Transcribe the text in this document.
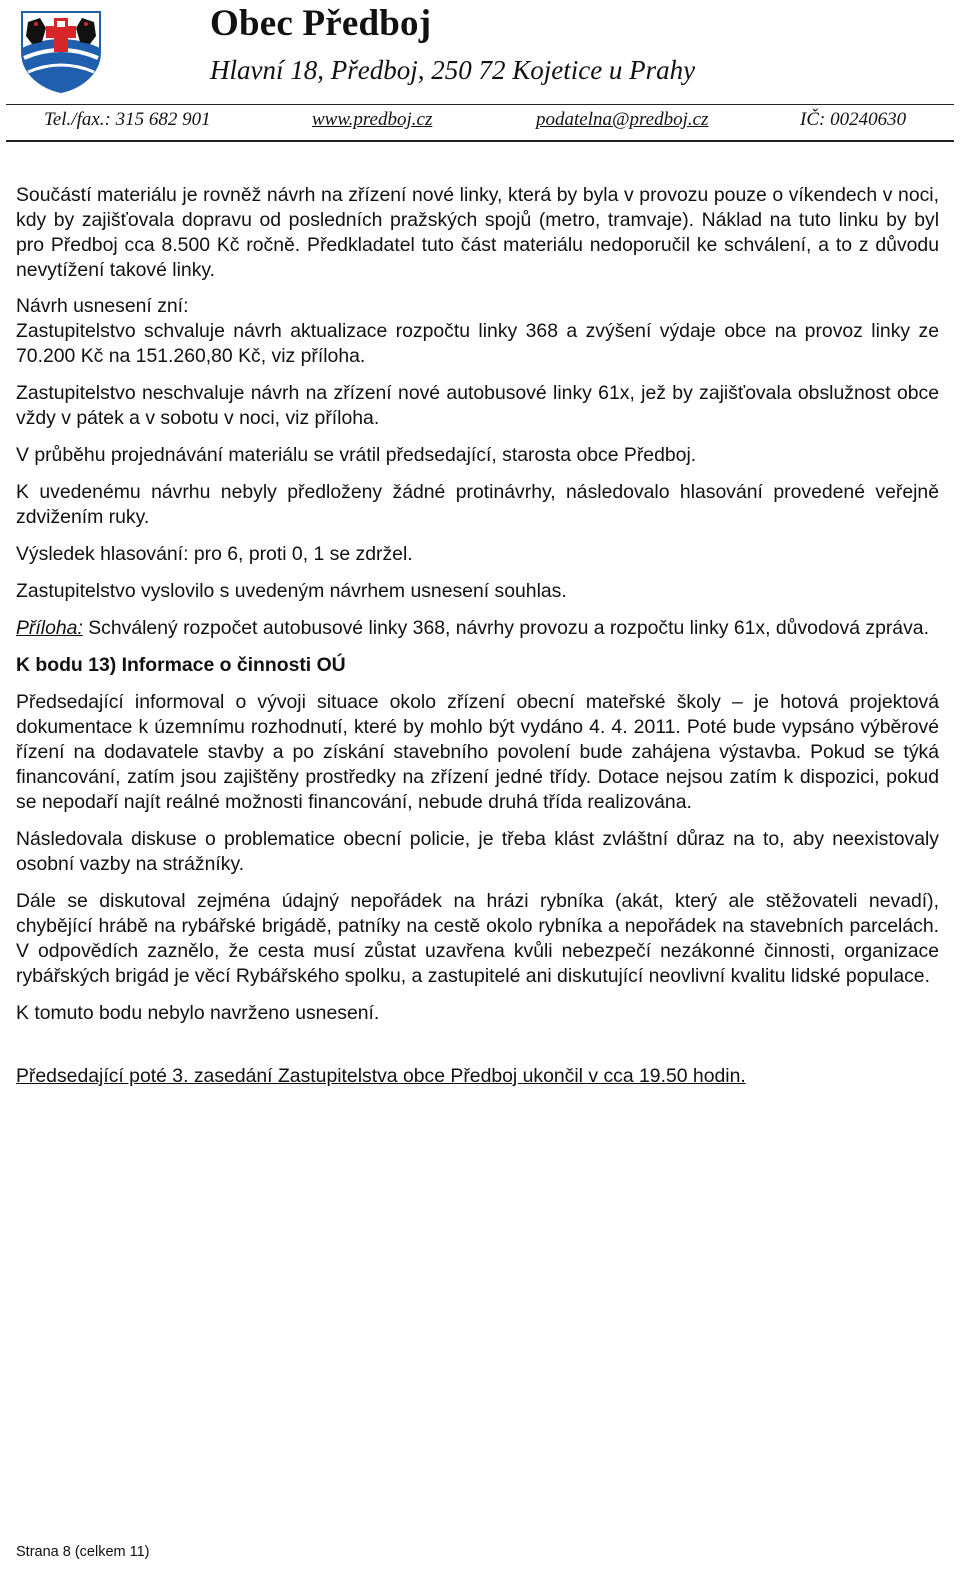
Obec Předboj
Hlavní 18, Předboj, 250 72 Kojetice u Prahy
Tel./fax.: 315 682 901	www.predboj.cz	podatelna@predboj.cz	IČ: 00240630

Součástí materiálu je rovněž návrh na zřízení nové linky, která by byla v provozu pouze o víkendech v noci, kdy by zajišťovala dopravu od posledních pražských spojů (metro, tramvaje). Náklad na tuto linku by byl pro Předboj cca 8.500 Kč ročně. Předkladatel tuto část materiálu nedoporučil ke schválení, a to z důvodu nevytížení takové linky.

Návrh usnesení zní:
Zastupitelstvo schvaluje návrh aktualizace rozpočtu linky 368 a zvýšení výdaje obce na provoz linky ze 70.200 Kč na 151.260,80 Kč, viz příloha.

Zastupitelstvo neschvaluje návrh na zřízení nové autobusové linky 61x, jež by zajišťovala obslužnost obce vždy v pátek a v sobotu v noci, viz příloha.

V průběhu projednávání materiálu se vrátil předsedající, starosta obce Předboj.

K uvedenému návrhu nebyly předloženy žádné protinávrhy, následovalo hlasování provedené veřejně zdvižením ruky.

Výsledek hlasování: pro 6, proti 0, 1 se zdržel.

Zastupitelstvo vyslovilo s uvedeným návrhem usnesení souhlas.

Příloha: Schválený rozpočet autobusové linky 368, návrhy provozu a rozpočtu linky 61x, důvodová zpráva.

K bodu 13) Informace o činnosti OÚ

Předsedající informoval o vývoji situace okolo zřízení obecní mateřské školy – je hotová projektová dokumentace k územnímu rozhodnutí, které by mohlo být vydáno 4. 4. 2011. Poté bude vypsáno výběrové řízení na dodavatele stavby a po získání stavebního povolení bude zahájena výstavba. Pokud se týká financování, zatím jsou zajištěny prostředky na zřízení jedné třídy. Dotace nejsou zatím k dispozici, pokud se nepodaří najít reálné možnosti financování, nebude druhá třída realizována.

Následovala diskuse o problematice obecní policie, je třeba klást zvláštní důraz na to, aby neexistovaly osobní vazby na strážníky.

Dále se diskutoval zejména údajný nepořádek na hrázi rybníka (akát, který ale stěžovateli nevadí), chybějící hrábě na rybářské brigádě, patníky na cestě okolo rybníka a nepořádek na stavebních parcelách. V odpovědích zaznělo, že cesta musí zůstat uzavřena kvůli nebezpečí nezákonné činnosti, organizace rybářských brigád je věcí Rybářského spolku, a zastupitelé ani diskutující neovlivní kvalitu lidské populace.

K tomuto bodu nebylo navrženo usnesení.

Předsedající poté 3. zasedání Zastupitelstva obce Předboj ukončil v cca 19.50 hodin.

Strana 8 (celkem 11)
